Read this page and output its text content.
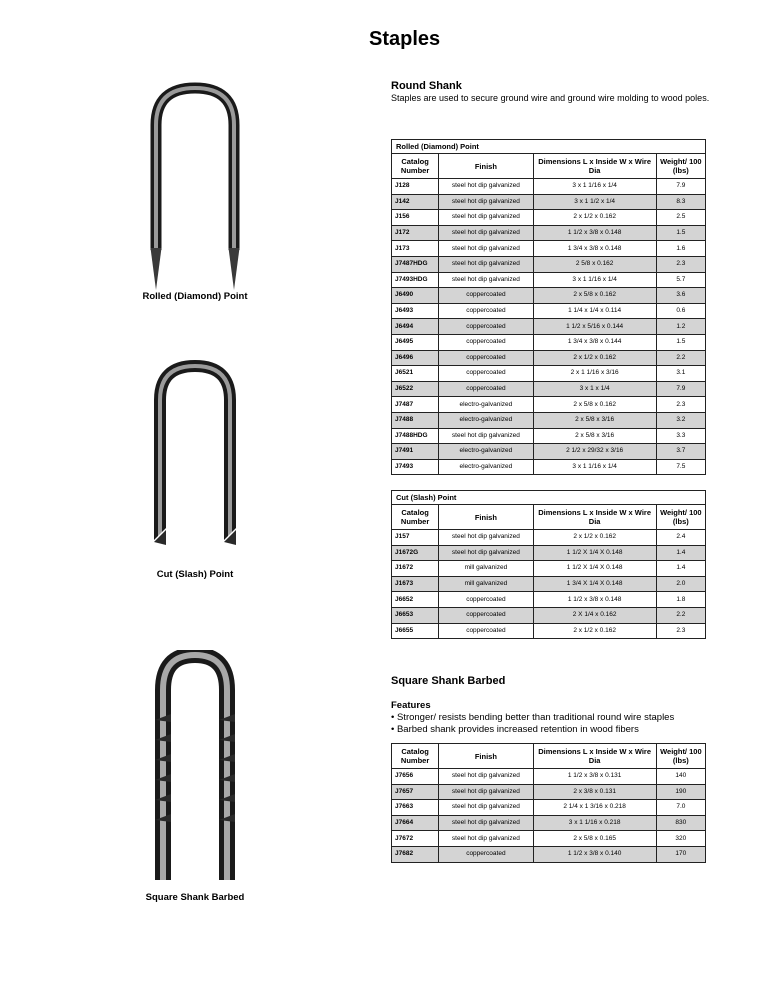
Staples
Round Shank

Staples are used to secure ground wire and ground wire molding to wood poles.

Rolled (Diamond) Point			
Catalog Number	Finish	Dimensions L x Inside W x Wire Dia	Weight/ 100 (lbs)
J128	steel hot dip galvanized	3 x 1 1/16 x 1/4	7.9
J142	steel hot dip galvanized	3 x 1 1/2 x 1/4	8.3
J156	steel hot dip galvanized	2 x 1/2 x 0.162	2.5
J172	steel hot dip galvanized	1 1/2 x 3/8 x 0.148	1.5
J173	steel hot dip galvanized	1 3/4 x 3/8 x 0.148	1.6
J7487HDG	steel hot dip galvanized	2 5/8 x 0.162	2.3
J7493HDG	steel hot dip galvanized	3 x 1 1/16 x 1/4	5.7
J6490	coppercoated	2 x 5/8 x 0.162	3.6
J6493	coppercoated	1 1/4 x 1/4 x 0.114	0.6
J6494	coppercoated	1 1/2 x 5/16 x 0.144	1.2
J6495	coppercoated	1 3/4 x 3/8 x 0.144	1.5
J6496	coppercoated	2 x 1/2 x 0.162	2.2
J6521	coppercoated	2 x 1 1/16 x 3/16	3.1
J6522	coppercoated	3 x 1 x 1/4	7.9
J7487	electro-galvanized	2 x 5/8 x 0.162	2.3
J7488	electro-galvanized	2 x 5/8 x 3/16	3.2
J7488HDG	steel hot dip galvanized	2 x 5/8 x 3/16	3.3
J7491	electro-galvanized	2 1/2 x 29/32 x 3/16	3.7
J7493	electro-galvanized	3 x 1 1/16 x 1/4	7.5
Cut (Slash) Point			
Catalog Number	Finish	Dimensions L x Inside W x Wire Dia	Weight/ 100 (lbs)
J157	steel hot dip galvanized	2 x 1/2 x 0.162	2.4
J1672G	steel hot dip galvanized	1 1/2 X 1/4 X 0.148	1.4
J1672	mill galvanized	1 1/2 X 1/4 X 0.148	1.4
J1673	mill galvanized	1 3/4 X 1/4 X 0.148	2.0
J6652	coppercoated	1 1/2 x 3/8 x 0.148	1.8
J6653	coppercoated	2 X 1/4 x 0.162	2.2
J6655	coppercoated	2 x 1/2 x 0.162	2.3
Square Shank Barbed
Features
• Stronger/ resists bending better than traditional round wire staples
• Barbed shank provides increased retention in wood fibers
Catalog Number	Finish	Dimensions L x Inside W x Wire Dia	Weight/ 100 (lbs)
J7656	steel hot dip galvanized	1 1/2 x 3/8 x 0.131	140
J7657	steel hot dip galvanized	2 x 3/8 x 0.131	190
J7663	steel hot dip galvanized	2 1/4 x 1 3/16 x 0.218	7.0
J7664	steel hot dip galvanized	3 x 1 1/16 x 0.218	830
J7672	steel hot dip galvanized	2 x 5/8 x 0.165	320
J7682	coppercoated	1 1/2 x 3/8 x 0.140	170
Rolled (Diamond) Point
Cut (Slash) Point
Square Shank Barbed
